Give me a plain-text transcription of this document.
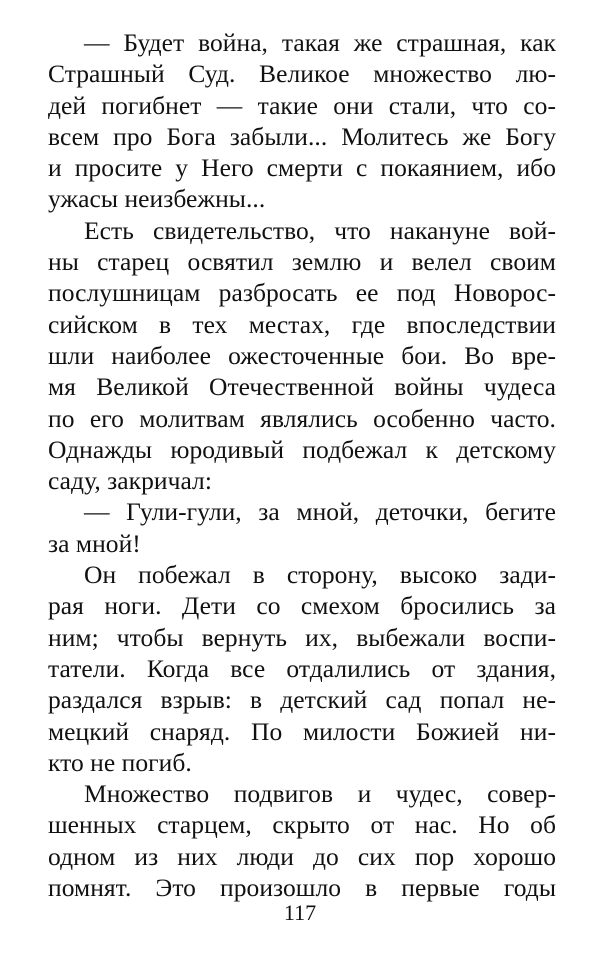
— Будет война, такая же страшная, как
Страшный Суд. Великое множество лю-
дей погибнет — такие они стали, что со-
всем про Бога забыли... Молитесь же Богу
и просите у Него смерти с покаянием, ибо
ужасы неизбежны...
Есть свидетельство, что накануне вой-
ны старец освятил землю и велел своим
послушницам разбросать ее под Новорос-
сийском в тех местах, где впоследствии
шли наиболее ожесточенные бои. Во вре-
мя Великой Отечественной войны чудеса
по его молитвам являлись особенно часто.
Однажды юродивый подбежал к детскому
саду, закричал:
— Гули-гули, за мной, деточки, бегите
за мной!
Он побежал в сторону, высоко зади-
рая ноги. Дети со смехом бросились за
ним; чтобы вернуть их, выбежали воспи-
татели. Когда все отдалились от здания,
раздался взрыв: в детский сад попал не-
мецкий снаряд. По милости Божией ни-
кто не погиб.
Множество подвигов и чудес, совер-
шенных старцем, скрыто от нас. Но об
одном из них люди до сих пор хорошо
помнят. Это произошло в первые годы
117
